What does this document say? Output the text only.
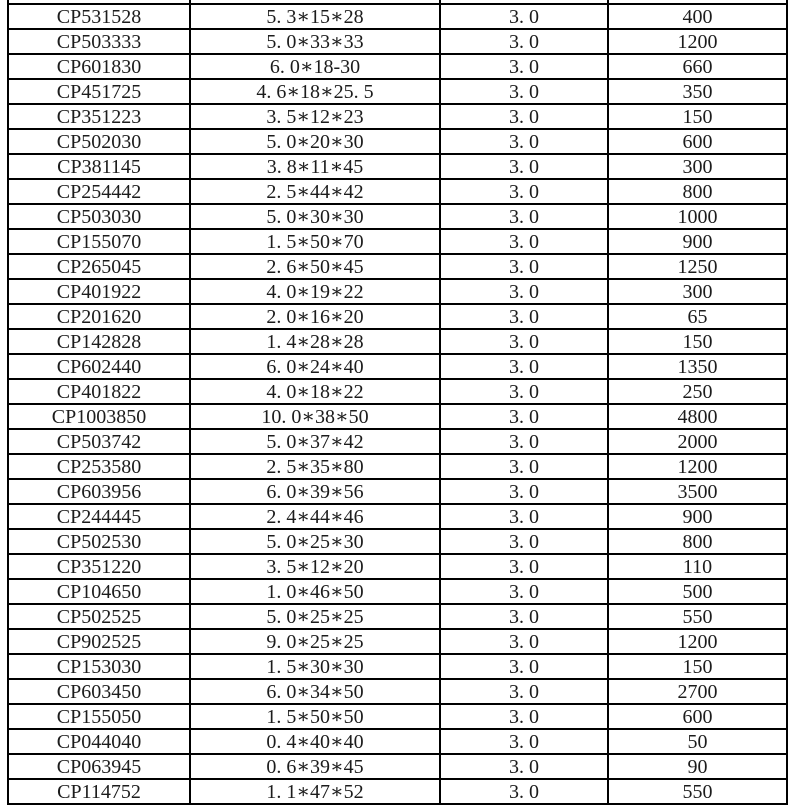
CP531528	5. 3∗15∗28	3. 0	400
CP503333	5. 0∗33∗33	3. 0	1200
CP601830	6. 0∗18-30	3. 0	660
CP451725	4. 6∗18∗25. 5	3. 0	350
CP351223	3. 5∗12∗23	3. 0	150
CP502030	5. 0∗20∗30	3. 0	600
CP381145	3. 8∗11∗45	3. 0	300
CP254442	2. 5∗44∗42	3. 0	800
CP503030	5. 0∗30∗30	3. 0	1000
CP155070	1. 5∗50∗70	3. 0	900
CP265045	2. 6∗50∗45	3. 0	1250
CP401922	4. 0∗19∗22	3. 0	300
CP201620	2. 0∗16∗20	3. 0	65
CP142828	1. 4∗28∗28	3. 0	150
CP602440	6. 0∗24∗40	3. 0	1350
CP401822	4. 0∗18∗22	3. 0	250
CP1003850	10. 0∗38∗50	3. 0	4800
CP503742	5. 0∗37∗42	3. 0	2000
CP253580	2. 5∗35∗80	3. 0	1200
CP603956	6. 0∗39∗56	3. 0	3500
CP244445	2. 4∗44∗46	3. 0	900
CP502530	5. 0∗25∗30	3. 0	800
CP351220	3. 5∗12∗20	3. 0	110
CP104650	1. 0∗46∗50	3. 0	500
CP502525	5. 0∗25∗25	3. 0	550
CP902525	9. 0∗25∗25	3. 0	1200
CP153030	1. 5∗30∗30	3. 0	150
CP603450	6. 0∗34∗50	3. 0	2700
CP155050	1. 5∗50∗50	3. 0	600
CP044040	0. 4∗40∗40	3. 0	50
CP063945	0. 6∗39∗45	3. 0	90
CP114752	1. 1∗47∗52	3. 0	550
